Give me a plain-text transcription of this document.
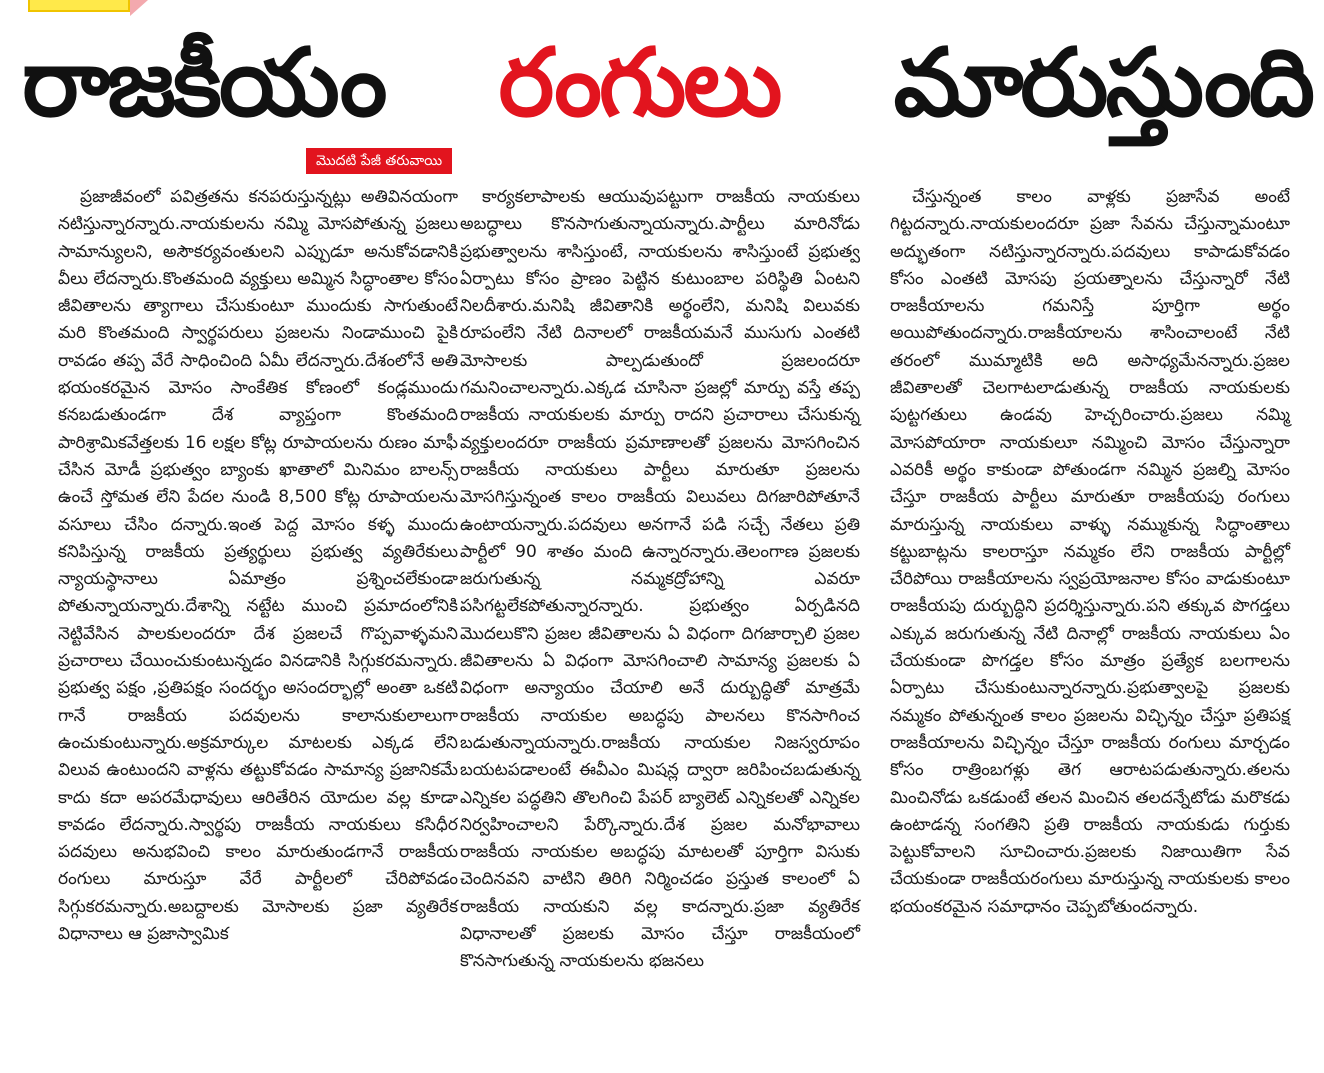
రాజకీయం రంగులు మారుస్తుంది
మొదటి పేజీ తరువాయి

ప్రజాజీవంలో పవిత్రతను కనపరుస్తున్నట్లు అతివినయంగా నటిస్తున్నారన్నారు.నాయకులను నమ్మి మోసపోతున్న ప్రజలు సామాన్యులని, అసౌకర్యవంతులని ఎప్పుడూ అనుకోవడానికి వీలు లేదన్నారు.కొంతమంది వ్యక్తులు అమ్మిన సిద్ధాంతాల కోసం జీవితాలను త్యాగాలు చేసుకుంటూ ముందుకు సాగుతుంటే మరి కొంతమంది స్వార్థపరులు ప్రజలను నిండాముంచి పైకి రావడం తప్ప వేరే సాధించింది ఏమీ లేదన్నారు.దేశంలోనే అతి భయంకరమైన మోసం సాంకేతిక కోణంలో కండ్లముందు కనబడుతుండగా దేశ వ్యాప్తంగా కొంతమంది పారిశ్రామికవేత్తలకు 16 లక్షల కోట్ల రూపాయలను రుణం మాఫీ చేసిన మోడీ ప్రభుత్వం బ్యాంకు ఖాతాలో మినిమం బాలన్స్ ఉంచే స్తోమత లేని పేదల నుండి 8,500 కోట్ల రూపాయలను వసూలు చేసిం దన్నారు.ఇంత పెద్ద మోసం కళ్ళ ముందు కనిపిస్తున్న రాజకీయ ప్రత్యర్థులు ప్రభుత్వ వ్యతిరేకులు న్యాయస్థానాలు ఏమాత్రం ప్రశ్నించలేకుండా పోతున్నాయన్నారు.దేశాన్ని నట్టేట ముంచి ప్రమాదంలోనికి నెట్టివేసిన పాలకులందరూ దేశ ప్రజలచే గొప్పవాళ్ళమని ప్రచారాలు చేయించుకుంటున్నడం వినడానికి సిగ్గుకరమన్నారు. ప్రభుత్వ పక్షం ,ప్రతిపక్షం సందర్భం అసందర్భాల్లో అంతా ఒకటి గానే రాజకీయ పదవులను కాలానుకులాలుగా ఉంచుకుంటున్నారు.అక్రమార్కుల మాటలకు ఎక్కడ లేని విలువ ఉంటుందని వాళ్లను తట్టుకోవడం సామాన్య ప్రజానికమే కాదు కదా అపరమేధావులు ఆరితేరిన యోదుల వల్ల కూడా కావడం లేదన్నారు.స్వార్థపు రాజకీయ నాయకులు కసిధీర పదవులు అనుభవించి కాలం మారుతుండగానే రాజకీయ రంగులు మారుస్తూ వేరే పార్టీలలో చేరిపోవడం సిగ్గుకరమన్నారు.అబద్దాలకు మోసాలకు ప్రజా వ్యతిరేక విధానాలు ఆ ప్రజాస్వామిక

కార్యకలాపాలకు ఆయువుపట్టుగా రాజకీయ నాయకులు అబద్ధాలు కొనసాగుతున్నాయన్నారు.పార్టీలు మారినోడు ప్రభుత్వాలను శాసిస్తుంటే, నాయకులను శాసిస్తుంటే ప్రభుత్వ ఏర్పాటు కోసం ప్రాణం పెట్టిన కుటుంబాల పరిస్థితి ఏంటని నిలదీశారు.మనిషి జీవితానికి అర్థంలేని, మనిషి విలువకు రూపంలేని నేటి దినాలలో రాజకీయమనే ముసుగు ఎంతటి మోసాలకు పాల్పడుతుందో ప్రజలందరూ గమనించాలన్నారు.ఎక్కడ చూసినా ప్రజల్లో మార్పు వస్తే తప్ప రాజకీయ నాయకులకు మార్పు రాదని ప్రచారాలు చేసుకున్న వ్యక్తులందరూ రాజకీయ ప్రమాణాలతో ప్రజలను మోసగించిన రాజకీయ నాయకులు పార్టీలు మారుతూ ప్రజలను మోసగిస్తున్నంత కాలం రాజకీయ విలువలు దిగజారిపోతూనే ఉంటాయన్నారు.పదవులు అనగానే పడి సచ్చే నేతలు ప్రతి పార్టీలో 90 శాతం మంది ఉన్నారన్నారు.తెలంగాణ ప్రజలకు జరుగుతున్న నమ్మకద్రోహాన్ని ఎవరూ పసిగట్టలేకపోతున్నారన్నారు. ప్రభుత్వం ఏర్పడినది మొదలుకొని ప్రజల జీవితాలను ఏ విధంగా దిగజార్చాలి ప్రజల జీవితాలను ఏ విధంగా మోసగించాలి సామాన్య ప్రజలకు ఏ విధంగా అన్యాయం చేయాలి అనే దుర్బుద్ధితో మాత్రమే రాజకీయ నాయకుల అబద్ధపు పాలనలు కొనసాగించ బడుతున్నాయన్నారు.రాజకీయ నాయకుల నిజస్వరూపం బయటపడాలంటే ఈవీఎం మిషన్ల ద్వారా జరిపించబడుతున్న ఎన్నికల పద్ధతిని తొలగించి పేపర్ బ్యాలెట్ ఎన్నికలతో ఎన్నికల నిర్వహించాలని పేర్కొన్నారు.దేశ ప్రజల మనోభావాలు రాజకీయ నాయకుల అబద్ధపు మాటలతో పూర్తిగా విసుకు చెందినవని వాటిని తిరిగి నిర్మించడం ప్రస్తుత కాలంలో ఏ రాజకీయ నాయకుని వల్ల కాదన్నారు.ప్రజా వ్యతిరేక విధానాలతో ప్రజలకు మోసం చేస్తూ రాజకీయంలో కొనసాగుతున్న నాయకులను భజనలు

చేస్తున్నంత కాలం వాళ్లకు ప్రజాసేవ అంటే గిట్టదన్నారు.నాయకులందరూ ప్రజా సేవను చేస్తున్నామంటూ అద్భుతంగా నటిస్తున్నారన్నారు.పదవులు కాపాడుకోవడం కోసం ఎంతటి మోసపు ప్రయత్నాలను చేస్తున్నారో నేటి రాజకీయాలను గమనిస్తే పూర్తిగా అర్థం అయిపోతుందన్నారు.రాజకీయాలను శాసించాలంటే నేటి తరంలో ముమ్మాటికి అది అసాధ్యమేనన్నారు.ప్రజల జీవితాలతో చెలగాటలాడుతున్న రాజకీయ నాయకులకు పుట్టగతులు ఉండవు హెచ్చరించారు.ప్రజలు నమ్మి మోసపోయారా నాయకులూ నమ్మించి మోసం చేస్తున్నారా ఎవరికీ అర్థం కాకుండా పోతుండగా నమ్మిన ప్రజల్ని మోసం చేస్తూ రాజకీయ పార్టీలు మారుతూ రాజకీయపు రంగులు మారుస్తున్న నాయకులు వాళ్ళు నమ్ముకున్న సిద్ధాంతాలు కట్టుబాట్లను కాలరాస్తూ నమ్మకం లేని రాజకీయ పార్టీల్లో చేరిపోయి రాజకీయాలను స్వప్రయోజనాల కోసం వాడుకుంటూ రాజకీయపు దుర్బుద్ధిని ప్రదర్శిస్తున్నారు.పని తక్కువ పొగడ్తలు ఎక్కువ జరుగుతున్న నేటి దినాల్లో రాజకీయ నాయకులు ఏం చేయకుండా పొగడ్తల కోసం మాత్రం ప్రత్యేక బలగాలను ఏర్పాటు చేసుకుంటున్నారన్నారు.ప్రభుత్వాలపై ప్రజలకు నమ్మకం పోతున్నంత కాలం ప్రజలను విచ్ఛిన్నం చేస్తూ ప్రతిపక్ష రాజకీయాలను విచ్ఛిన్నం చేస్తూ రాజకీయ రంగులు మార్చడం కోసం రాత్రింబగళ్లు తెగ ఆరాటపడుతున్నారు.తలను మించినోడు ఒకడుంటే తలన మించిన తలదన్నేటోడు మరొకడు ఉంటాడన్న సంగతిని ప్రతి రాజకీయ నాయకుడు గుర్తుకు పెట్టుకోవాలని సూచించారు.ప్రజలకు నిజాయితిగా సేవ చేయకుండా రాజకీయరంగులు మారుస్తున్న నాయకులకు కాలం భయంకరమైన సమాధానం చెప్పబోతుందన్నారు.
